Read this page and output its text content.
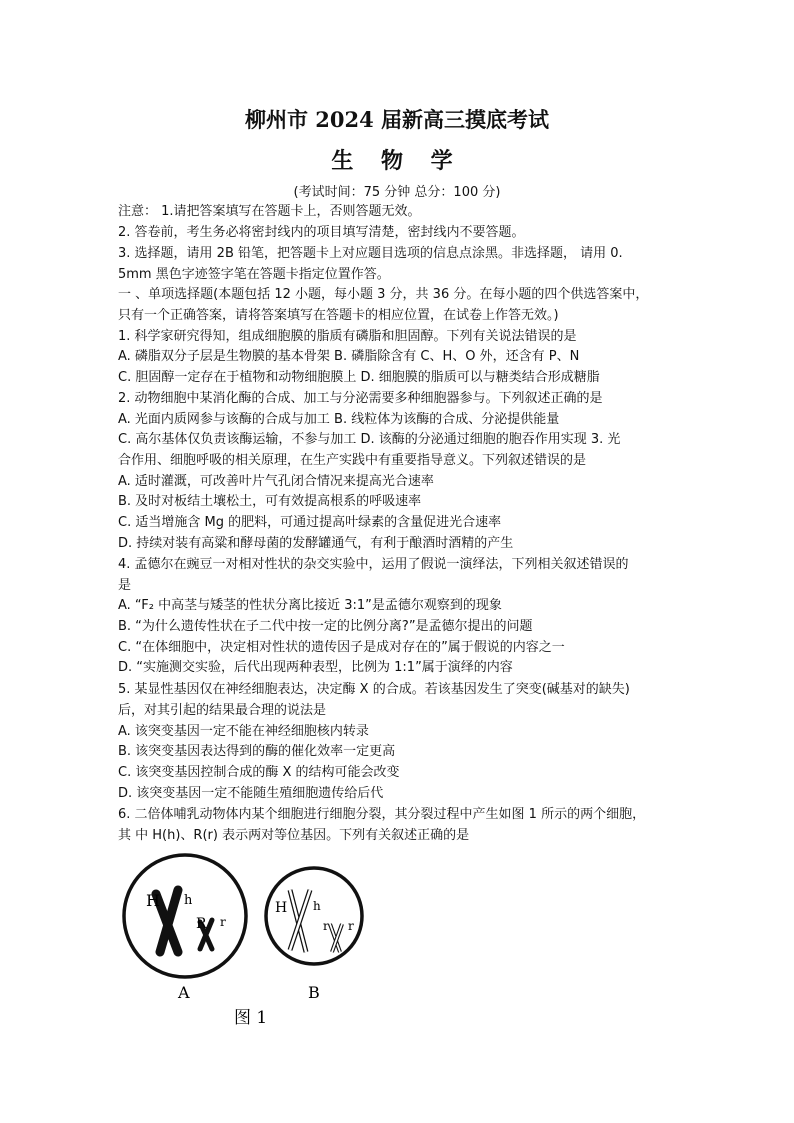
柳州市 2024 届新高三摸底考试
生 物 学
(考试时间：75 分钟 总分：100 分)
注意： 1.请把答案填写在答题卡上，否则答题无效。
2. 答卷前，考生务必将密封线内的项目填写清楚，密封线内不要答题。
3. 选择题，请用 2B 铅笔，把答题卡上对应题目选项的信息点涂黑。非选择题， 请用 0.
5mm 黑色字迹签字笔在答题卡指定位置作答。
一 、单项选择题(本题包括 12 小题，每小题 3 分，共 36 分。在每小题的四个供选答案中，
只有一个正确答案，请将答案填写在答题卡的相应位置，在试卷上作答无效。)
1. 科学家研究得知，组成细胞膜的脂质有磷脂和胆固醇。下列有关说法错误的是
A. 磷脂双分子层是生物膜的基本骨架 B. 磷脂除含有 C、H、O 外，还含有 P、N
C. 胆固醇一定存在于植物和动物细胞膜上 D. 细胞膜的脂质可以与糖类结合形成糖脂
2. 动物细胞中某消化酶的合成、加工与分泌需要多种细胞器参与。下列叙述正确的是
A. 光面内质网参与该酶的合成与加工 B. 线粒体为该酶的合成、分泌提供能量
C. 高尔基体仅负责该酶运输，不参与加工 D. 该酶的分泌通过细胞的胞吞作用实现 3. 光
合作用、细胞呼吸的相关原理，在生产实践中有重要指导意义。下列叙述错误的是
A. 适时灌溉，可改善叶片气孔闭合情况来提高光合速率
B. 及时对板结土壤松土，可有效提高根系的呼吸速率
C. 适当增施含 Mg 的肥料，可通过提高叶绿素的含量促进光合速率
D. 持续对装有高粱和酵母菌的发酵罐通气，有利于酿酒时酒精的产生
4. 孟德尔在豌豆一对相对性状的杂交实验中，运用了假说一演绎法，下列相关叙述错误的
是
A. “F₂ 中高茎与矮茎的性状分离比接近 3:1”是孟德尔观察到的现象
B. “为什么遗传性状在子二代中按一定的比例分离?”是孟德尔提出的问题
C. “在体细胞中，决定相对性状的遗传因子是成对存在的”属于假说的内容之一
D. “实施测交实验，后代出现两种表型，比例为 1:1”属于演绎的内容
5. 某显性基因仅在神经细胞表达，决定酶 X 的合成。若该基因发生了突变(碱基对的缺失)
后，对其引起的结果最合理的说法是
A. 该突变基因一定不能在神经细胞核内转录
B. 该突变基因表达得到的酶的催化效率一定更高
C. 该突变基因控制合成的酶 X 的结构可能会改变
D. 该突变基因一定不能随生殖细胞遗传给后代
6. 二倍体哺乳动物体内某个细胞进行细胞分裂，其分裂过程中产生如图 1 所示的两个细胞，
其 中 H(h)、R(r) 表示两对等位基因。下列有关叙述正确的是
H h
R r
H h
r r
A	B
图 1
